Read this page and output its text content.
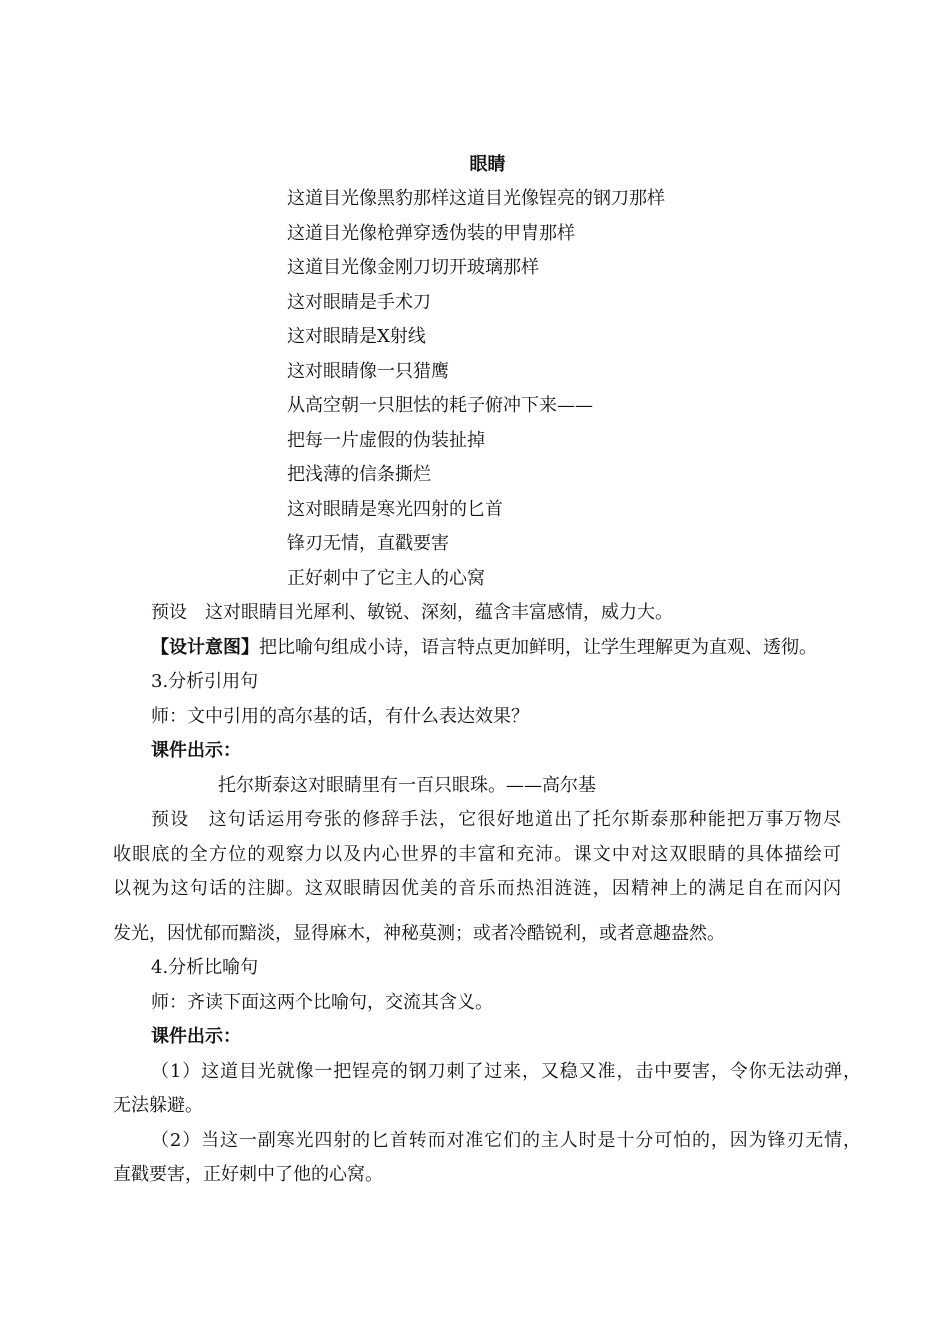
眼睛
这道目光像黑豹那样这道目光像锃亮的钢刀那样
这道目光像枪弹穿透伪装的甲胄那样
这道目光像金刚刀切开玻璃那样
这对眼睛是手术刀
这对眼睛是X射线
这对眼睛像一只猎鹰
从高空朝一只胆怯的耗子俯冲下来——
把每一片虚假的伪装扯掉
把浅薄的信条撕烂
这对眼睛是寒光四射的匕首
锋刃无情，直戳要害
正好刺中了它主人的心窝
预设　这对眼睛目光犀利、敏锐、深刻，蕴含丰富感情，威力大。
【设计意图】把比喻句组成小诗，语言特点更加鲜明，让学生理解更为直观、透彻。
3.分析引用句
师：文中引用的高尔基的话，有什么表达效果？
课件出示：
托尔斯泰这对眼睛里有一百只眼珠。——高尔基
预设　这句话运用夸张的修辞手法，它很好地道出了托尔斯泰那种能把万事万物尽
收眼底的全方位的观察力以及内心世界的丰富和充沛。课文中对这双眼睛的具体描绘可
以视为这句话的注脚。这双眼睛因优美的音乐而热泪涟涟，因精神上的满足自在而闪闪
发光，因忧郁而黯淡，显得麻木，神秘莫测；或者冷酷锐利，或者意趣盎然。
4.分析比喻句
师：齐读下面这两个比喻句，交流其含义。
课件出示：
（1）这道目光就像一把锃亮的钢刀刺了过来，又稳又准，击中要害，令你无法动弹，
无法躲避。
（2）当这一副寒光四射的匕首转而对准它们的主人时是十分可怕的，因为锋刃无情，
直戳要害，正好刺中了他的心窝。
